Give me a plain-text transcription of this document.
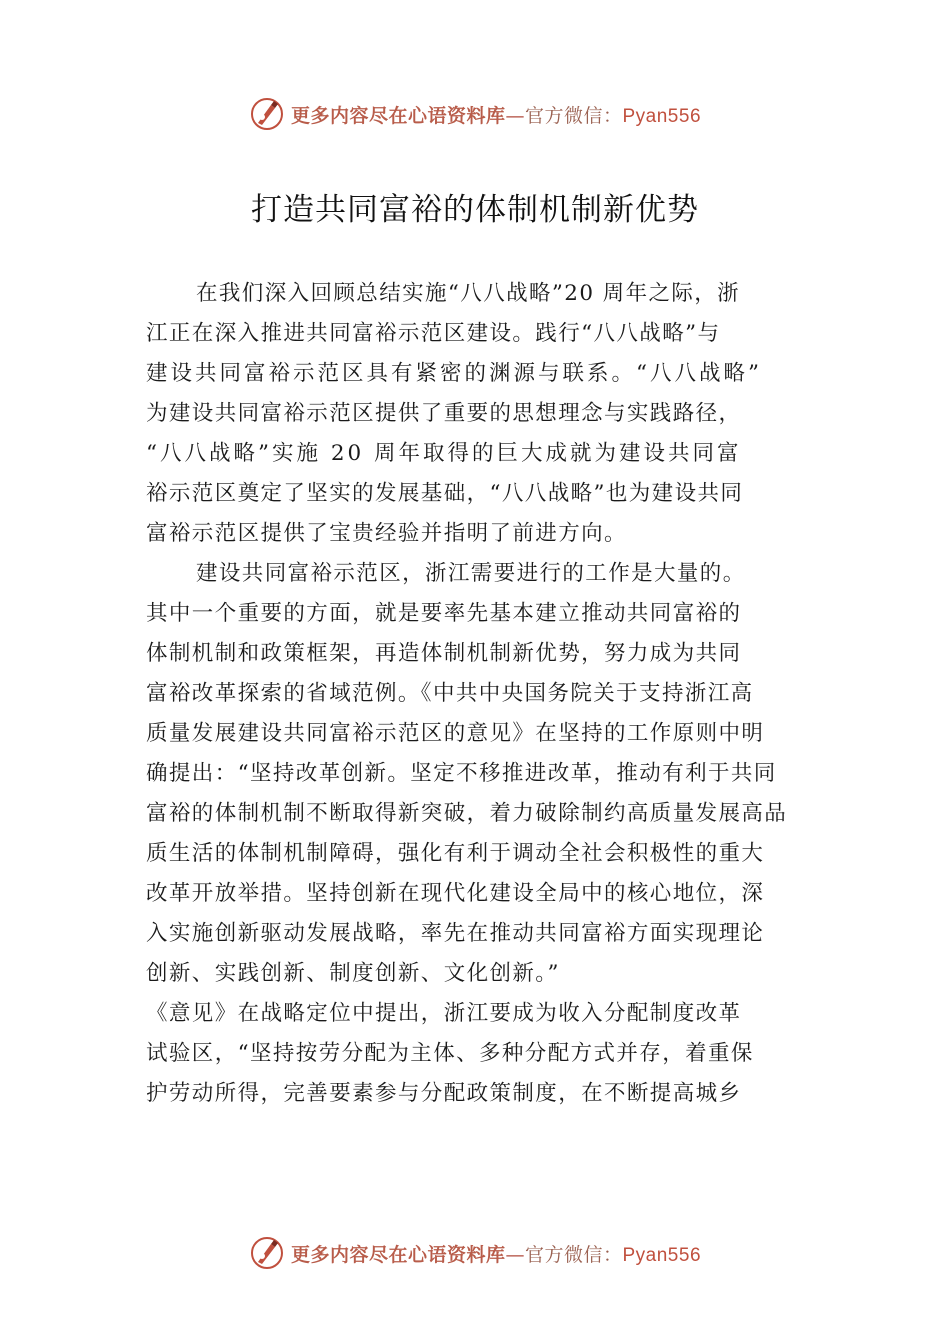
更多内容尽在心语资料库—官方微信：Pyan556
打造共同富裕的体制机制新优势
在我们深入回顾总结实施“八八战略”20 周年之际，浙
江正在深入推进共同富裕示范区建设。践行“八八战略”与
建设共同富裕示范区具有紧密的渊源与联系。“八八战略”
为建设共同富裕示范区提供了重要的思想理念与实践路径，
“八八战略”实施 20 周年取得的巨大成就为建设共同富
裕示范区奠定了坚实的发展基础，“八八战略”也为建设共同
富裕示范区提供了宝贵经验并指明了前进方向。
建设共同富裕示范区，浙江需要进行的工作是大量的。
其中一个重要的方面，就是要率先基本建立推动共同富裕的
体制机制和政策框架，再造体制机制新优势，努力成为共同
富裕改革探索的省域范例。《中共中央国务院关于支持浙江高
质量发展建设共同富裕示范区的意见》在坚持的工作原则中明
确提出：“坚持改革创新。坚定不移推进改革，推动有利于共同
富裕的体制机制不断取得新突破，着力破除制约高质量发展高品
质生活的体制机制障碍，强化有利于调动全社会积极性的重大
改革开放举措。坚持创新在现代化建设全局中的核心地位，深
入实施创新驱动发展战略，率先在推动共同富裕方面实现理论
创新、实践创新、制度创新、文化创新。”
《意见》在战略定位中提出，浙江要成为收入分配制度改革
试验区，“坚持按劳分配为主体、多种分配方式并存，着重保
护劳动所得，完善要素参与分配政策制度，在不断提高城乡
更多内容尽在心语资料库—官方微信：Pyan556
